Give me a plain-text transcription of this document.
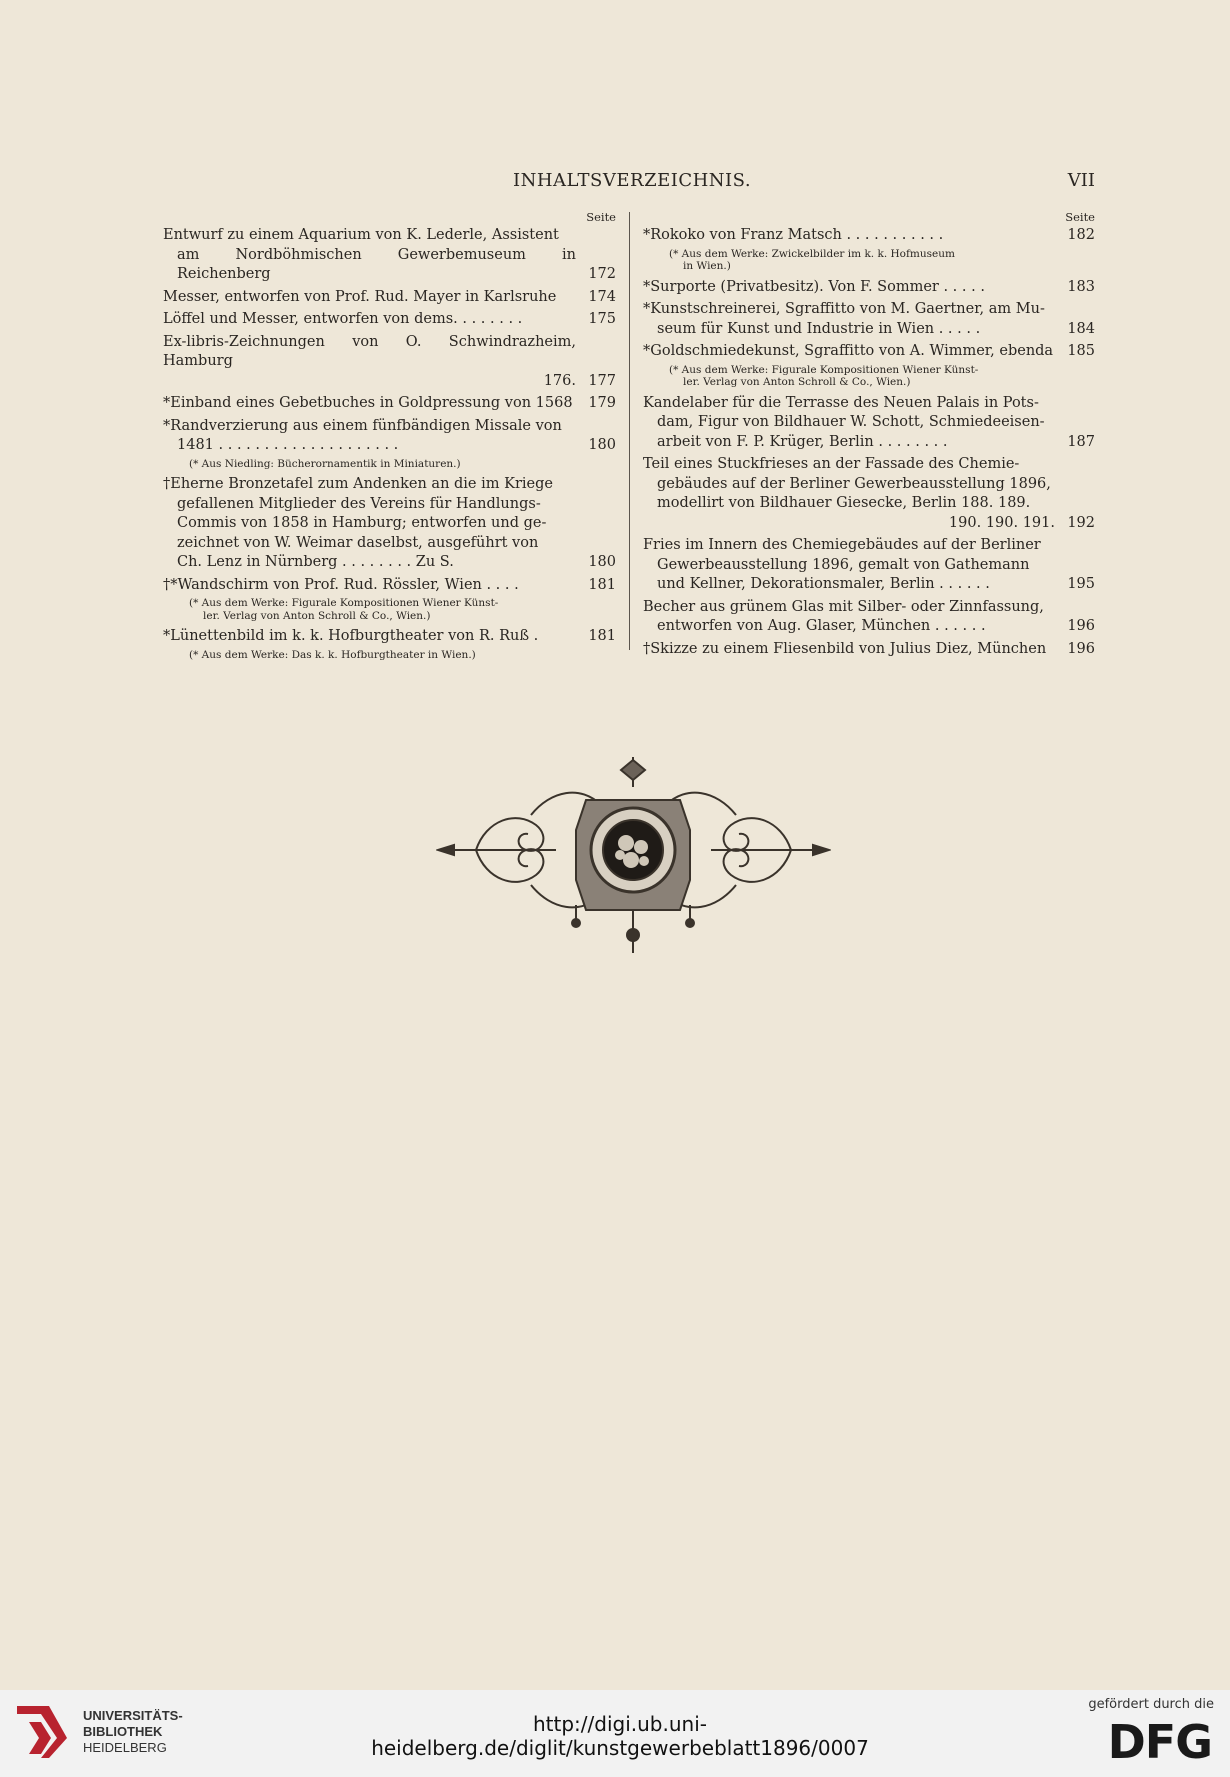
INHALTSVERZEICHNIS.	VII
Seite
Entwurf zu einem Aquarium von K. Lederle, Assistent
am Nordböhmischen Gewerbemuseum in Reichenberg	172
Messer, entworfen von Prof. Rud. Mayer in Karlsruhe	174
Löffel und Messer, entworfen von dems. . . . . . . .	175
Ex-libris-Zeichnungen von O. Schwindrazheim, Hamburg
176. 177
*Einband eines Gebetbuches in Goldpressung von 1568	179
*Randverzierung aus einem fünfbändigen Missale von
1481 . . . . . . . . . . . . . . . . . . . .	180
(* Aus Niedling: Bücherornamentik in Miniaturen.)
†Eherne Bronzetafel zum Andenken an die im Kriege
gefallenen Mitglieder des Vereins für Handlungs-
Commis von 1858 in Hamburg; entworfen und ge-
zeichnet von W. Weimar daselbst, ausgeführt von
Ch. Lenz in Nürnberg . . . . . . . . Zu S.	180
†*Wandschirm von Prof. Rud. Rössler, Wien . . . .	181
(* Aus dem Werke: Figurale Kompositionen Wiener Künst-

ler. Verlag von Anton Schroll & Co., Wien.)
*Lünettenbild im k. k. Hofburgtheater von R. Ruß .	181
(* Aus dem Werke: Das k. k. Hofburgtheater in Wien.)
Seite
*Rokoko von Franz Matsch . . . . . . . . . . .	182
(* Aus dem Werke: Zwickelbilder im k. k. Hofmuseum

in Wien.)
*Surporte (Privatbesitz). Von F. Sommer . . . . .	183
*Kunstschreinerei, Sgraffitto von M. Gaertner, am Mu-
seum für Kunst und Industrie in Wien . . . . .	184
*Goldschmiedekunst, Sgraffitto von A. Wimmer, ebenda 185
(* Aus dem Werke: Figurale Kompositionen Wiener Künst-

ler. Verlag von Anton Schroll & Co., Wien.)
Kandelaber für die Terrasse des Neuen Palais in Pots-
dam, Figur von Bildhauer W. Schott, Schmiedeeisen-
arbeit von F. P. Krüger, Berlin . . . . . . . .	187
Teil eines Stuckfrieses an der Fassade des Chemie-
gebäudes auf der Berliner Gewerbeausstellung 1896,
modellirt von Bildhauer Giesecke, Berlin 188. 189.
190. 190. 191. 192
Fries im Innern des Chemiegebäudes auf der Berliner
Gewerbeausstellung 1896, gemalt von Gathemann
und Kellner, Dekorationsmaler, Berlin . . . . . .	195
Becher aus grünem Glas mit Silber- oder Zinnfassung,
entworfen von Aug. Glaser, München . . . . . .	196
†Skizze zu einem Fliesenbild von Julius Diez, München	196
UNIVERSITÄTS-
BIBLIOTHEK
HEIDELBERG
http://digi.ub.uni-heidelberg.de/diglit/kunstgewerbeblatt1896/0007
gefördert durch die
DFG
